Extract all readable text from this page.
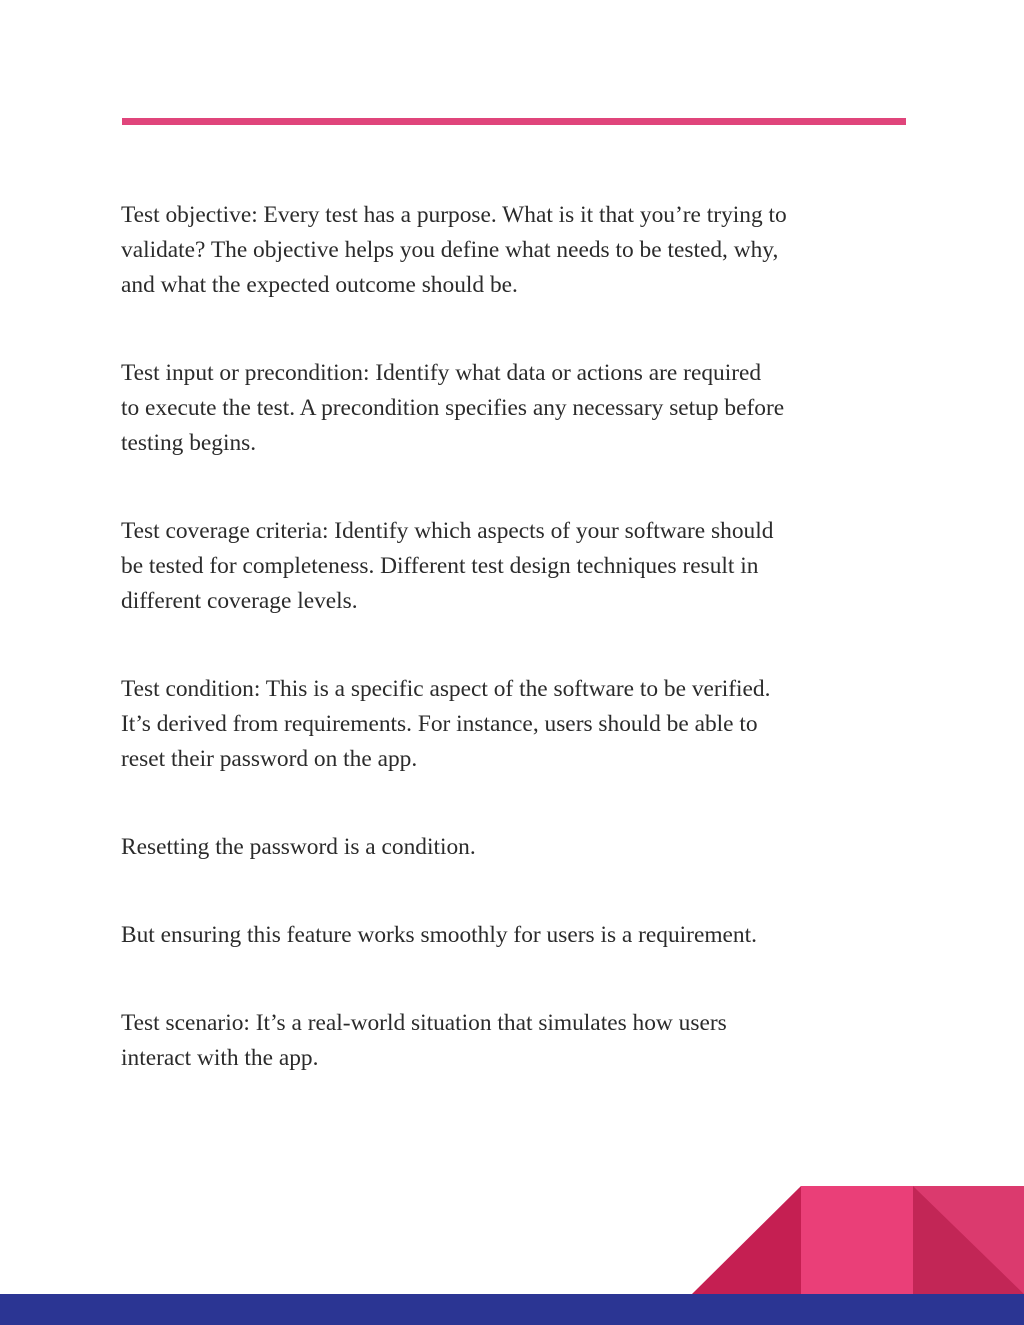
Test objective: Every test has a purpose. What is it that you’re trying to
validate? The objective helps you define what needs to be tested, why,
and what the expected outcome should be.

Test input or precondition: Identify what data or actions are required
to execute the test. A precondition specifies any necessary setup before
testing begins.

Test coverage criteria: Identify which aspects of your software should
be tested for completeness. Different test design techniques result in
different coverage levels.

Test condition: This is a specific aspect of the software to be verified.
It’s derived from requirements. For instance, users should be able to
reset their password on the app.

Resetting the password is a condition.

But ensuring this feature works smoothly for users is a requirement.

Test scenario: It’s a real-world situation that simulates how users
interact with the app.
